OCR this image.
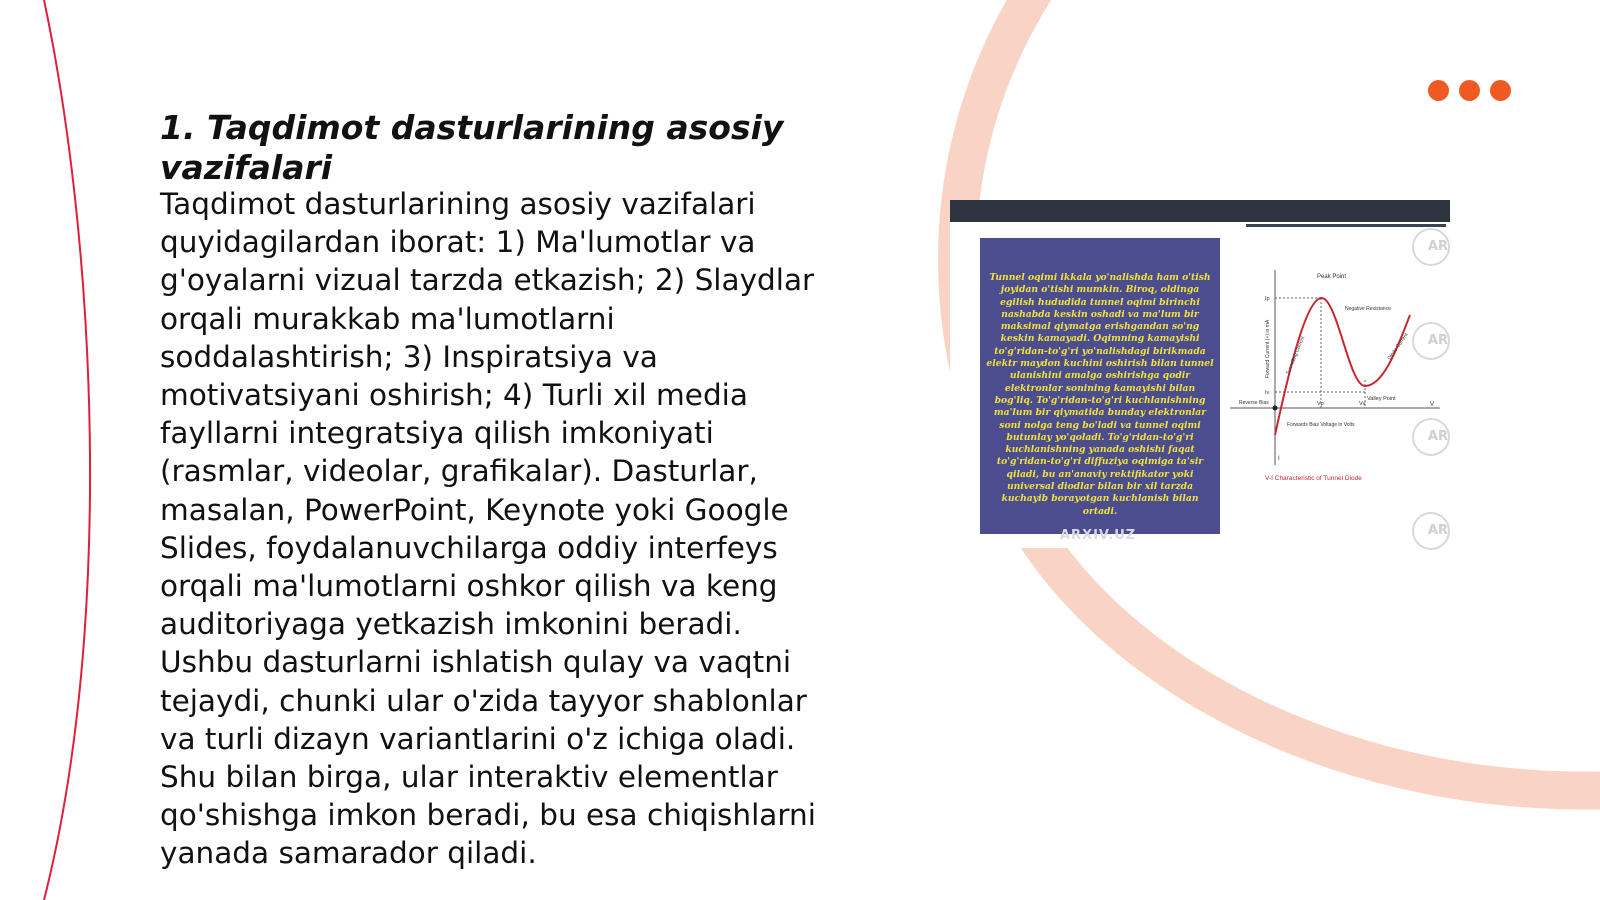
1. Taqdimot dasturlarining asosiy vazifalari

Taqdimot dasturlarining asosiy vazifalari quyidagilardan iborat: 1) Ma'lumotlar va g'oyalarni vizual tarzda etkazish; 2) Slaydlar orqali murakkab ma'lumotlarni soddalashtirish; 3) Inspiratsiya va motivatsiyani oshirish; 4) Turli xil media fayllarni integratsiya qilish imkoniyati (rasmlar, videolar, grafikalar). Dasturlar, masalan, PowerPoint, Keynote yoki Google Slides, foydalanuvchilarga oddiy interfeys orqali ma'lumotlarni oshkor qilish va keng auditoriyaga yetkazish imkonini beradi. Ushbu dasturlarni ishlatish qulay va vaqtni tejaydi, chunki ular o'zida tayyor shablonlar va turli dizayn variantlarini o'z ichiga oladi. Shu bilan birga, ular interaktiv elementlar qo'shishga imkon beradi, bu esa chiqishlarni yanada samarador qiladi.

Tunnel oqimi ikkala yo'nalishda ham o'tish joyidan o'tishi mumkin. Biroq, oldinga egilish hududida tunnel oqimi birinchi nashabda keskin oshadi va ma'lum bir maksimal qiymatga erishgandan so'ng keskin kamayadi. Oqimning kamayishi to'g'ridan-to'g'ri yo'nalishdagi birikmada elektr maydon kuchini oshirish bilan tunnel ulanishini amalga oshirishga qodir elektronlar sonining kamayishi bilan bog'liq. To'g'ridan-to'g'ri kuchlanishning ma'lum bir qiymatida bunday elektronlar soni nolga teng bo'ladi va tunnel oqimi butunlay yo'qoladi. To'g'ridan-to'g'ri kuchlanishning yanada oshishi faqat to'g'ridan-to'g'ri diffuziya oqimiga ta'sir qiladi, bu an'anaviy rektifikator yoki universal diodlar bilan bir xil tarzda kuchayib borayotgan kuchlanish bilan ortadi.

Peak Point
Negative Resistance
Valley Point
Reverse Bias
Forwards Bias Voltage in Volts
Forward Current (+) in mA	Tunnelling Current	Diode Current
Ip
Iv
Vp	Vv	V
I
V-I Characteristic of Tunnel Diode
AR
AR
AR
AR
ARXIV.UZ
